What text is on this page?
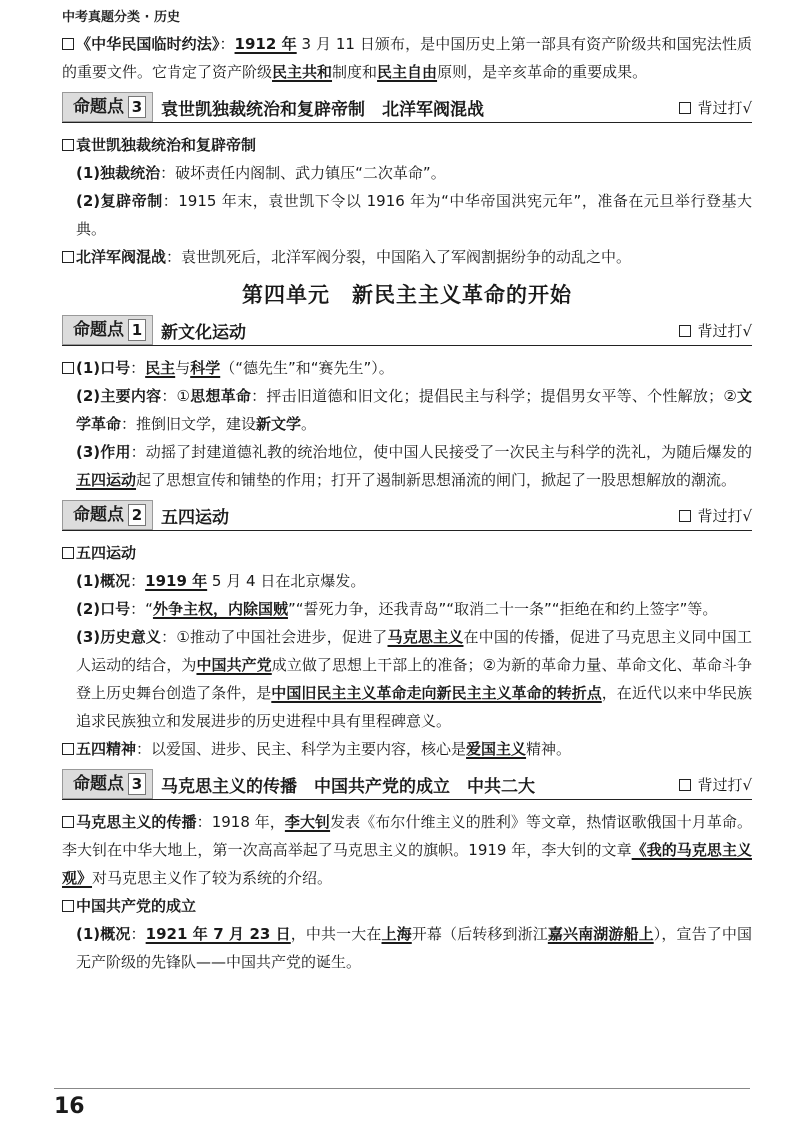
中考真题分类 · 历史

《中华民国临时约法》：1912 年 3 月 11 日颁布，是中国历史上第一部具有资产阶级共和国宪法性质的重要文件。它肯定了资产阶级民主共和制度和民主自由原则，是辛亥革命的重要成果。

命题点 3 袁世凯独裁统治和复辟帝制　北洋军阀混战	背过打√

袁世凯独裁统治和复辟帝制

(1)独裁统治：破坏责任内阁制、武力镇压“二次革命”。

(2)复辟帝制：1915 年末，袁世凯下令以 1916 年为“中华帝国洪宪元年”，准备在元旦举行登基大典。

北洋军阀混战：袁世凯死后，北洋军阀分裂，中国陷入了军阀割据纷争的动乱之中。

第四单元　新民主主义革命的开始
命题点 1 新文化运动	背过打√

(1)口号：民主与科学（“德先生”和“赛先生”）。

(2)主要内容：①思想革命：抨击旧道德和旧文化；提倡民主与科学；提倡男女平等、个性解放；②文学革命：推倒旧文学，建设新文学。

(3)作用：动摇了封建道德礼教的统治地位，使中国人民接受了一次民主与科学的洗礼，为随后爆发的五四运动起了思想宣传和铺垫的作用；打开了遏制新思想涌流的闸门，掀起了一股思想解放的潮流。

命题点 2 五四运动	背过打√

五四运动

(1)概况：1919 年 5 月 4 日在北京爆发。

(2)口号：“外争主权，内除国贼”“誓死力争，还我青岛”“取消二十一条”“拒绝在和约上签字”等。

(3)历史意义：①推动了中国社会进步，促进了马克思主义在中国的传播，促进了马克思主义同中国工人运动的结合，为中国共产党成立做了思想上干部上的准备；②为新的革命力量、革命文化、革命斗争登上历史舞台创造了条件，是中国旧民主主义革命走向新民主主义革命的转折点，在近代以来中华民族追求民族独立和发展进步的历史进程中具有里程碑意义。

五四精神：以爱国、进步、民主、科学为主要内容，核心是爱国主义精神。

命题点 3 马克思主义的传播　中国共产党的成立　中共二大	背过打√

马克思主义的传播：1918 年，李大钊发表《布尔什维主义的胜利》等文章，热情讴歌俄国十月革命。李大钊在中华大地上，第一次高高举起了马克思主义的旗帜。1919 年，李大钊的文章《我的马克思主义观》对马克思主义作了较为系统的介绍。

中国共产党的成立

(1)概况：1921 年 7 月 23 日，中共一大在上海开幕（后转移到浙江嘉兴南湖游船上），宣告了中国无产阶级的先锋队——中国共产党的诞生。

16
